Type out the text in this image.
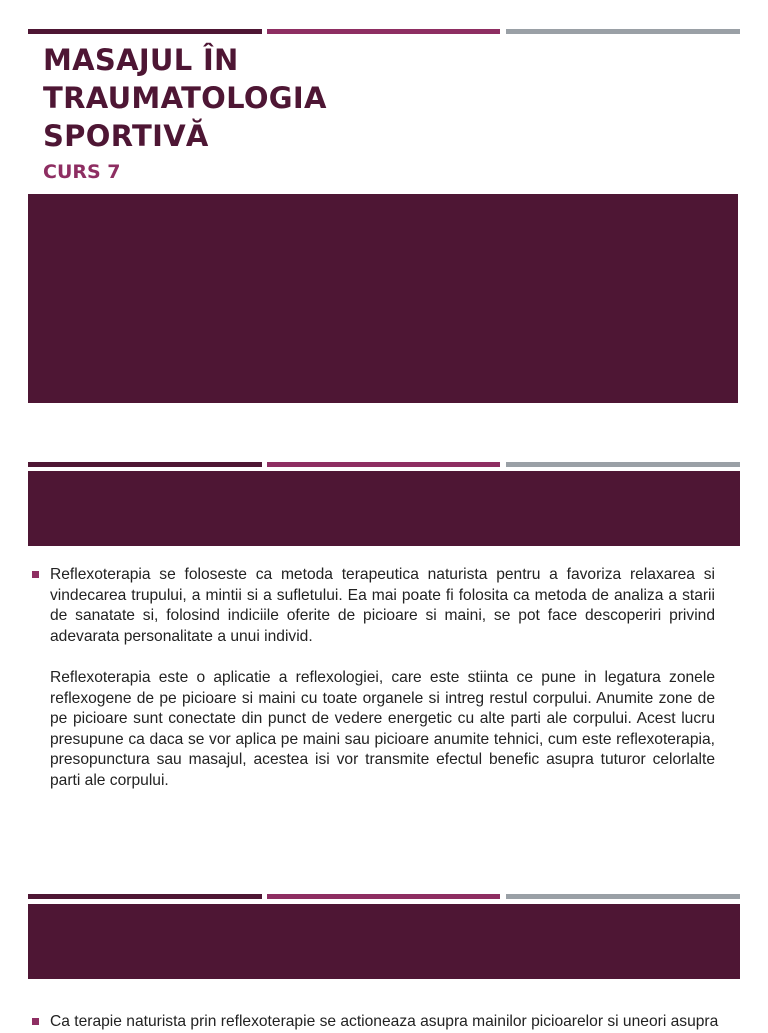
MASAJUL ÎN
TRAUMATOLOGIA
SPORTIVĂ
CURS 7

Reflexoterapia se foloseste ca metoda terapeutica naturista pentru a favoriza relaxarea si vindecarea trupului, a mintii si a sufletului. Ea mai poate fi folosita ca metoda de analiza a starii de sanatate si, folosind indiciile oferite de picioare si maini, se pot face descoperiri privind adevarata personalitate a unui individ.

Reflexoterapia este o aplicatie a reflexologiei, care este stiinta ce pune in legatura zonele reflexogene de pe picioare si maini cu toate organele si intreg restul corpului. Anumite zone de pe picioare sunt conectate din punct de vedere energetic cu alte parti ale corpului. Acest lucru presupune ca daca se vor aplica pe maini sau picioare anumite tehnici, cum este reflexoterapia, presopunctura sau masajul, acestea isi vor transmite efectul benefic asupra tuturor celorlalte parti ale corpului.

Ca terapie naturista prin reflexoterapie se actioneaza asupra mainilor picioarelor si uneori asupra
